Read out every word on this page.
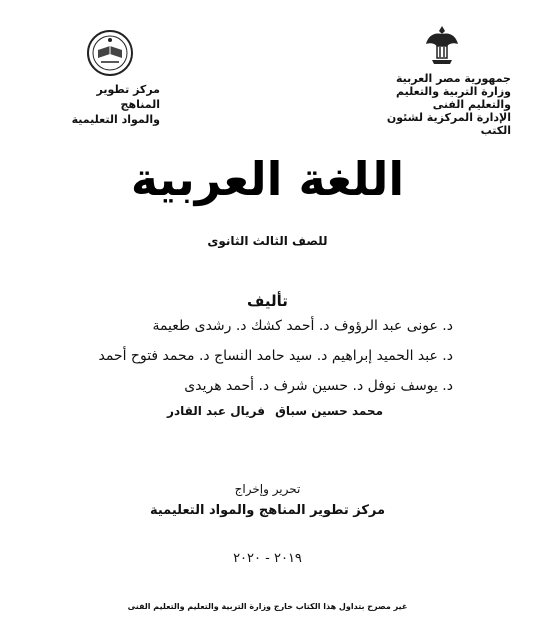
جمهورية مصر العربية
وزارة التربية والتعليم
والتعليم الفنى
الإدارة المركزية لشئون الكتب
مركز تطوير المناهج
والمواد التعليمية
اللغة العربية
للصف الثالث الثانوى
تأليف
د. عونى عبد الرؤوف د. أحمد كشك د. رشدى طعيمة
د. عبد الحميد إبراهيم د. سيد حامد النساج د. محمد فتوح أحمد
د. يوسف نوفل د. حسين شرف د. أحمد هريدى
محمد حسين سباق
فريال عبد القادر
تحرير وإخراج
مركز تطوير المناهج والمواد التعليمية
٢٠١٩ - ٢٠٢٠
غير مصرح بتداول هذا الكتاب خارج وزارة التربية والتعليم والتعليم الفنى
